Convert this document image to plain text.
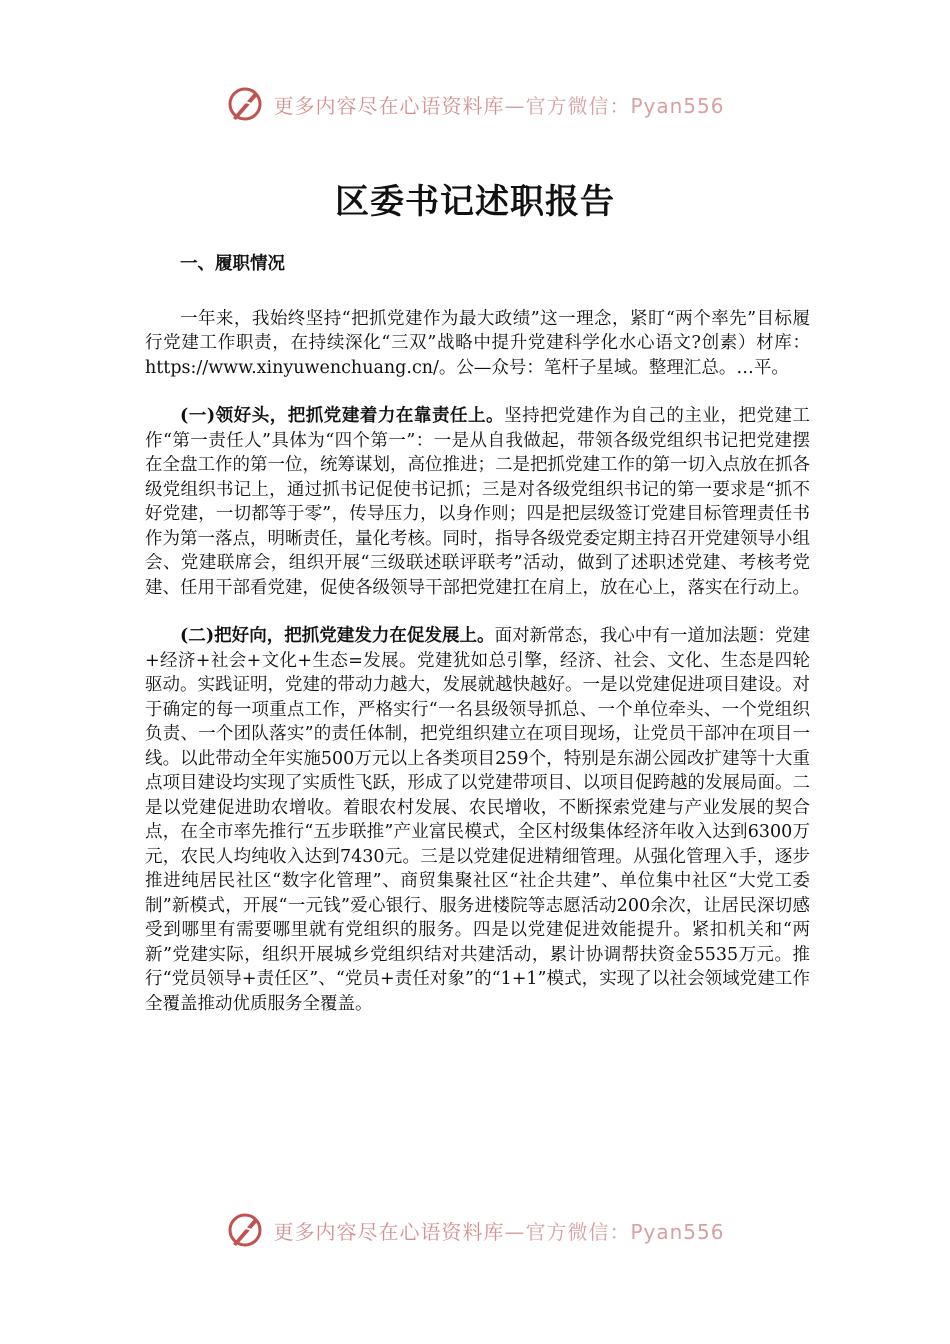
更多内容尽在心语资料库—官方微信：Pyan556
区委书记述职报告
一、履职情况

一年来，我始终坚持“把抓党建作为最大政绩”这一理念，紧盯“两个率先”目标履行党建工作职责，在持续深化“三双”战略中提升党建科学化水心语文?创素）材库：https://www.xinyuwenchuang.cn/。公—众号：笔杆子星域。整理汇总。…平。

(一)领好头，把抓党建着力在靠责任上。坚持把党建作为自己的主业，把党建工作“第一责任人”具体为“四个第一”：一是从自我做起，带领各级党组织书记把党建摆在全盘工作的第一位，统筹谋划，高位推进；二是把抓党建工作的第一切入点放在抓各级党组织书记上，通过抓书记促使书记抓；三是对各级党组织书记的第一要求是“抓不好党建，一切都等于零”，传导压力，以身作则；四是把层级签订党建目标管理责任书作为第一落点，明晰责任，量化考核。同时，指导各级党委定期主持召开党建领导小组会、党建联席会，组织开展“三级联述联评联考”活动，做到了述职述党建、考核考党建、任用干部看党建，促使各级领导干部把党建扛在肩上，放在心上，落实在行动上。

(二)把好向，把抓党建发力在促发展上。面对新常态，我心中有一道加法题：党建+经济+社会+文化+生态=发展。党建犹如总引擎，经济、社会、文化、生态是四轮驱动。实践证明，党建的带动力越大，发展就越快越好。一是以党建促进项目建设。对于确定的每一项重点工作，严格实行“一名县级领导抓总、一个单位牵头、一个党组织负责、一个团队落实”的责任体制，把党组织建立在项目现场，让党员干部冲在项目一线。以此带动全年实施500万元以上各类项目259个，特别是东湖公园改扩建等十大重点项目建设均实现了实质性飞跃，形成了以党建带项目、以项目促跨越的发展局面。二是以党建促进助农增收。着眼农村发展、农民增收，不断探索党建与产业发展的契合点，在全市率先推行“五步联推”产业富民模式，全区村级集体经济年收入达到6300万元，农民人均纯收入达到7430元。三是以党建促进精细管理。从强化管理入手，逐步推进纯居民社区“数字化管理”、商贸集聚社区“社企共建”、单位集中社区“大党工委制”新模式，开展“一元钱”爱心银行、服务进楼院等志愿活动200余次，让居民深切感受到哪里有需要哪里就有党组织的服务。四是以党建促进效能提升。紧扣机关和“两新”党建实际，组织开展城乡党组织结对共建活动，累计协调帮扶资金5535万元。推行“党员领导+责任区”、“党员+责任对象”的“1+1”模式，实现了以社会领域党建工作全覆盖推动优质服务全覆盖。

更多内容尽在心语资料库—官方微信：Pyan556
